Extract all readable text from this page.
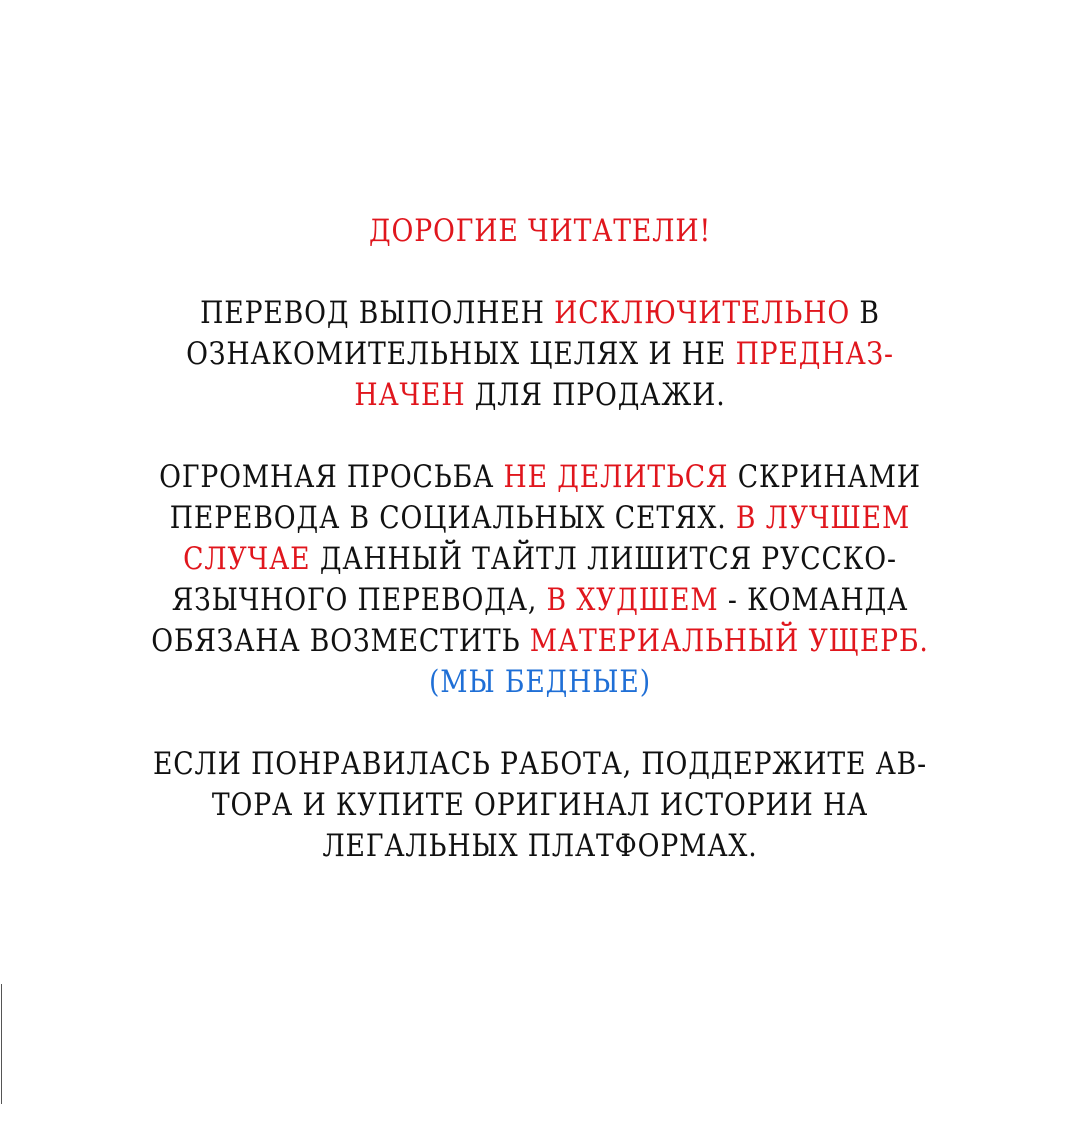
ДОРОГИЕ ЧИТАТЕЛИ!
ПЕРЕВОД ВЫПОЛНЕН ИСКЛЮЧИТЕЛЬНО В
ОЗНАКОМИТЕЛЬНЫХ ЦЕЛЯХ И НЕ ПРЕДНАЗ-
НАЧЕН ДЛЯ ПРОДАЖИ.
ОГРОМНАЯ ПРОСЬБА НЕ ДЕЛИТЬСЯ СКРИНАМИ
ПЕРЕВОДА В СОЦИАЛЬНЫХ СЕТЯХ. В ЛУЧШЕМ
СЛУЧАЕ ДАННЫЙ ТАЙТЛ ЛИШИТСЯ РУССКО-
ЯЗЫЧНОГО ПЕРЕВОДА, В ХУДШЕМ - КОМАНДА
ОБЯЗАНА ВОЗМЕСТИТЬ МАТЕРИАЛЬНЫЙ УЩЕРБ.
(МЫ БЕДНЫЕ)
ЕСЛИ ПОНРАВИЛАСЬ РАБОТА, ПОДДЕРЖИТЕ АВ-
ТОРА И КУПИТЕ ОРИГИНАЛ ИСТОРИИ НА
ЛЕГАЛЬНЫХ ПЛАТФОРМАХ.
